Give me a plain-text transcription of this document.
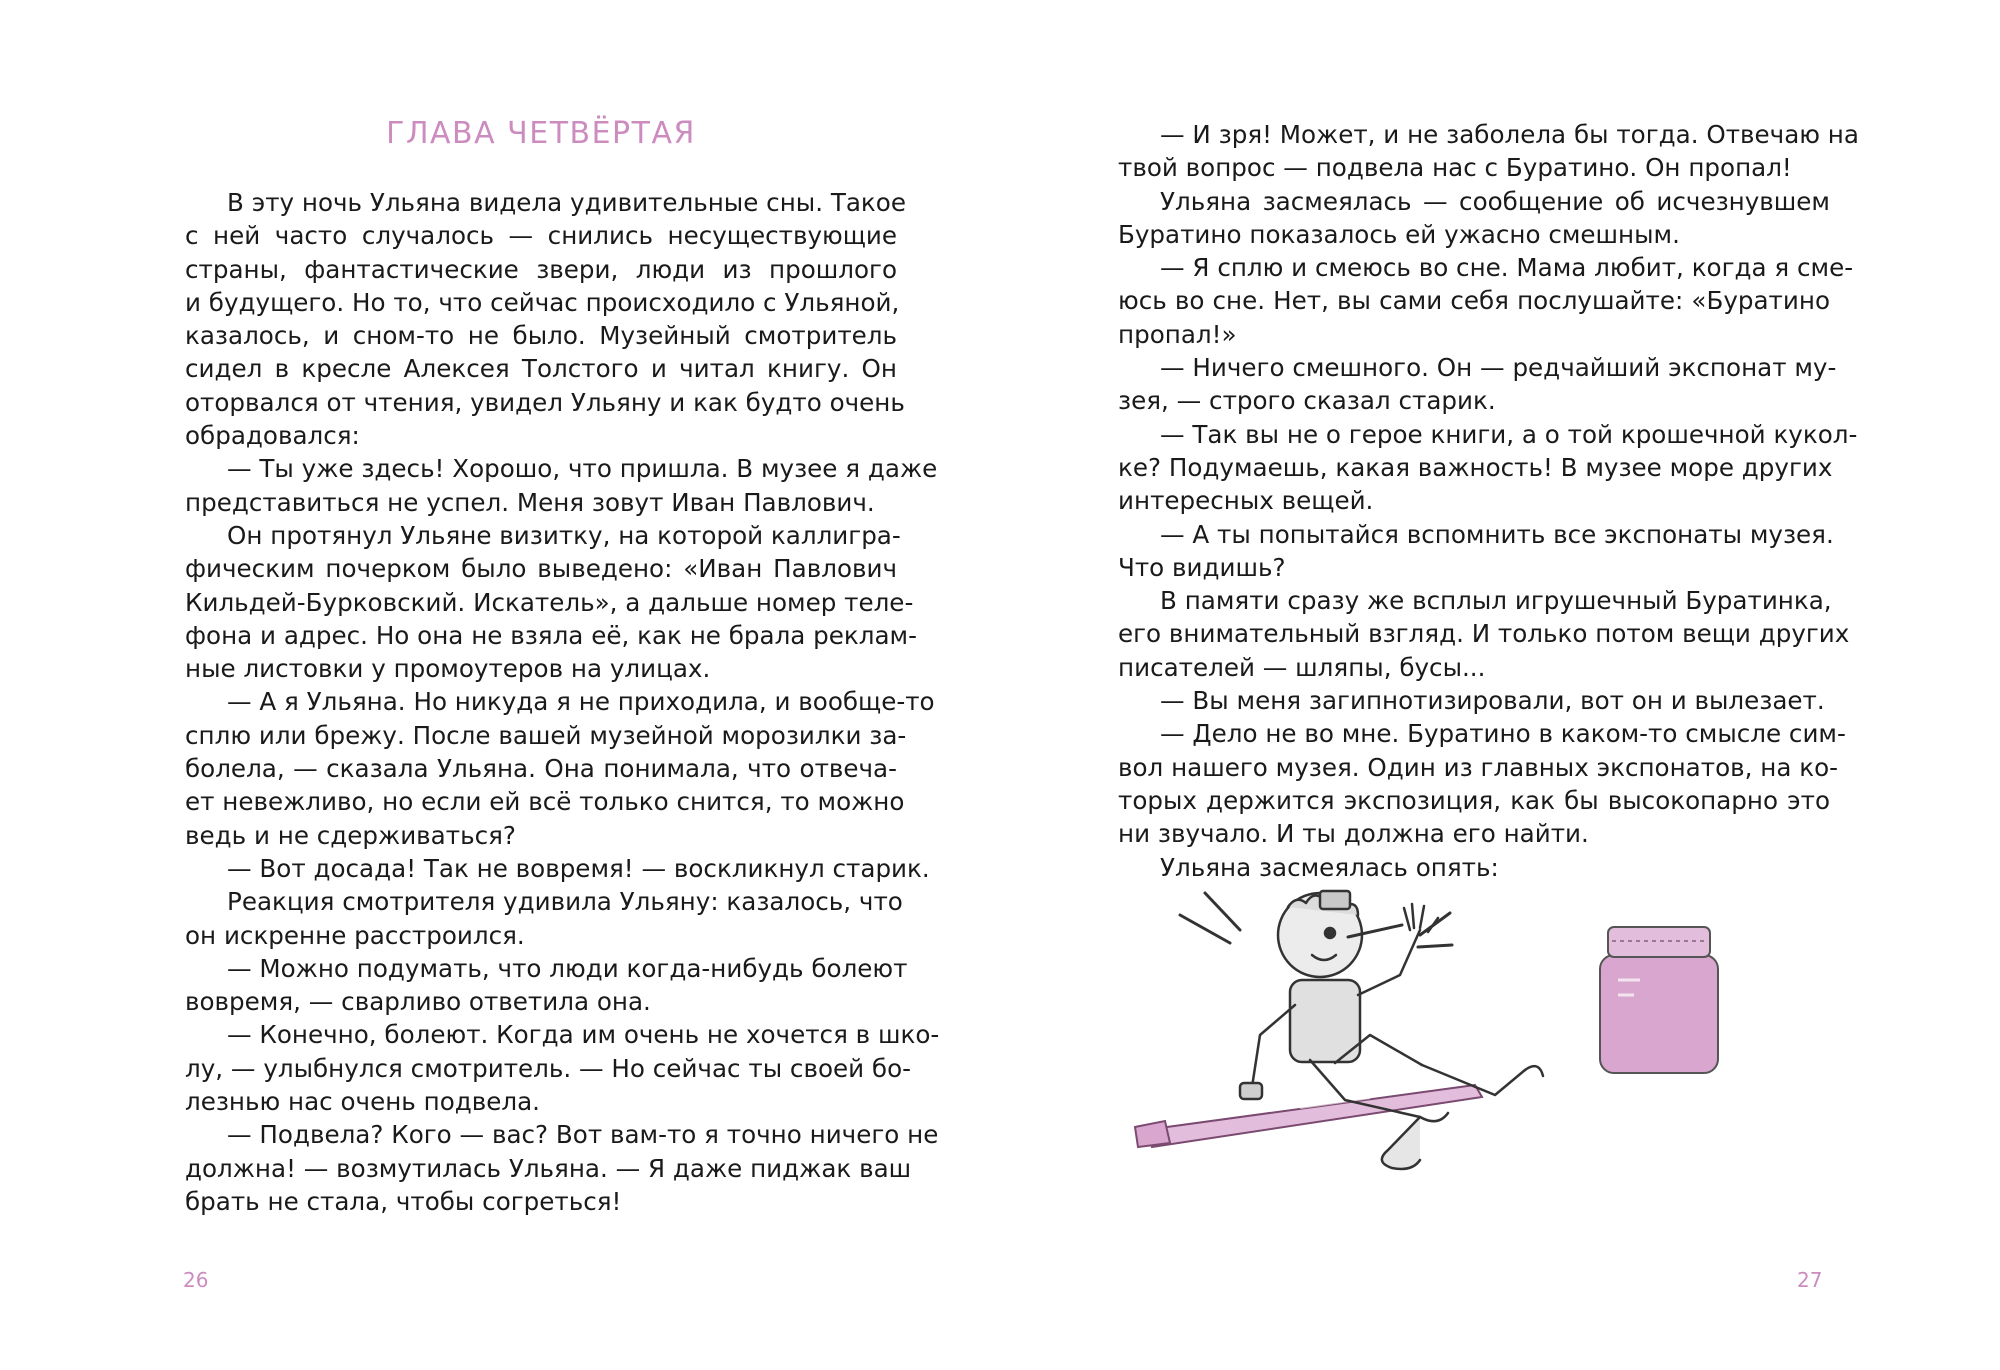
ГЛАВА ЧЕТВЁРТАЯ
В эту ночь Ульяна видела удивительные сны. Такое
с ней часто случалось — снились несуществующие
страны, фантастические звери, люди из прошлого
и будущего. Но то, что сейчас происходило с Ульяной,
казалось, и сном-то не было. Музейный смотритель
сидел в кресле Алексея Толстого и читал книгу. Он
оторвался от чтения, увидел Ульяну и как будто очень
обрадовался:
— Ты уже здесь! Хорошо, что пришла. В музее я даже
представиться не успел. Меня зовут Иван Павлович.
Он протянул Ульяне визитку, на которой каллигра-
фическим почерком было выведено: «Иван Павлович
Кильдей-Бурковский. Искатель», а дальше номер теле-
фона и адрес. Но она не взяла её, как не брала реклам-
ные листовки у промоутеров на улицах.
— А я Ульяна. Но никуда я не приходила, и вообще-то
сплю или брежу. После вашей музейной морозилки за-
болела, — сказала Ульяна. Она понимала, что отвеча-
ет невежливо, но если ей всё только снится, то можно
ведь и не сдерживаться?
— Вот досада! Так не вовремя! — воскликнул старик.
Реакция смотрителя удивила Ульяну: казалось, что
он искренне расстроился.
— Можно подумать, что люди когда-нибудь болеют
вовремя, — сварливо ответила она.
— Конечно, болеют. Когда им очень не хочется в шко-
лу, — улыбнулся смотритель. — Но сейчас ты своей бо-
лезнью нас очень подвела.
— Подвела? Кого — вас? Вот вам-то я точно ничего не
должна! — возмутилась Ульяна. — Я даже пиджак ваш
брать не стала, чтобы согреться!

26

— И зря! Может, и не заболела бы тогда. Отвечаю на
твой вопрос — подвела нас с Буратино. Он пропал!
Ульяна засмеялась — сообщение об исчезнувшем
Буратино показалось ей ужасно смешным.
— Я сплю и смеюсь во сне. Мама любит, когда я сме-
юсь во сне. Нет, вы сами себя послушайте: «Буратино
пропал!»
— Ничего смешного. Он — редчайший экспонат му-
зея, — строго сказал старик.
— Так вы не о герое книги, а о той крошечной кукол-
ке? Подумаешь, какая важность! В музее море других
интересных вещей.
— А ты попытайся вспомнить все экспонаты музея.
Что видишь?
В памяти сразу же всплыл игрушечный Буратинка,
его внимательный взгляд. И только потом вещи других
писателей — шляпы, бусы...
— Вы меня загипнотизировали, вот он и вылезает.
— Дело не во мне. Буратино в каком-то смысле сим-
вол нашего музея. Один из главных экспонатов, на ко-
торых держится экспозиция, как бы высокопарно это
ни звучало. И ты должна его найти.
Ульяна засмеялась опять:

27
